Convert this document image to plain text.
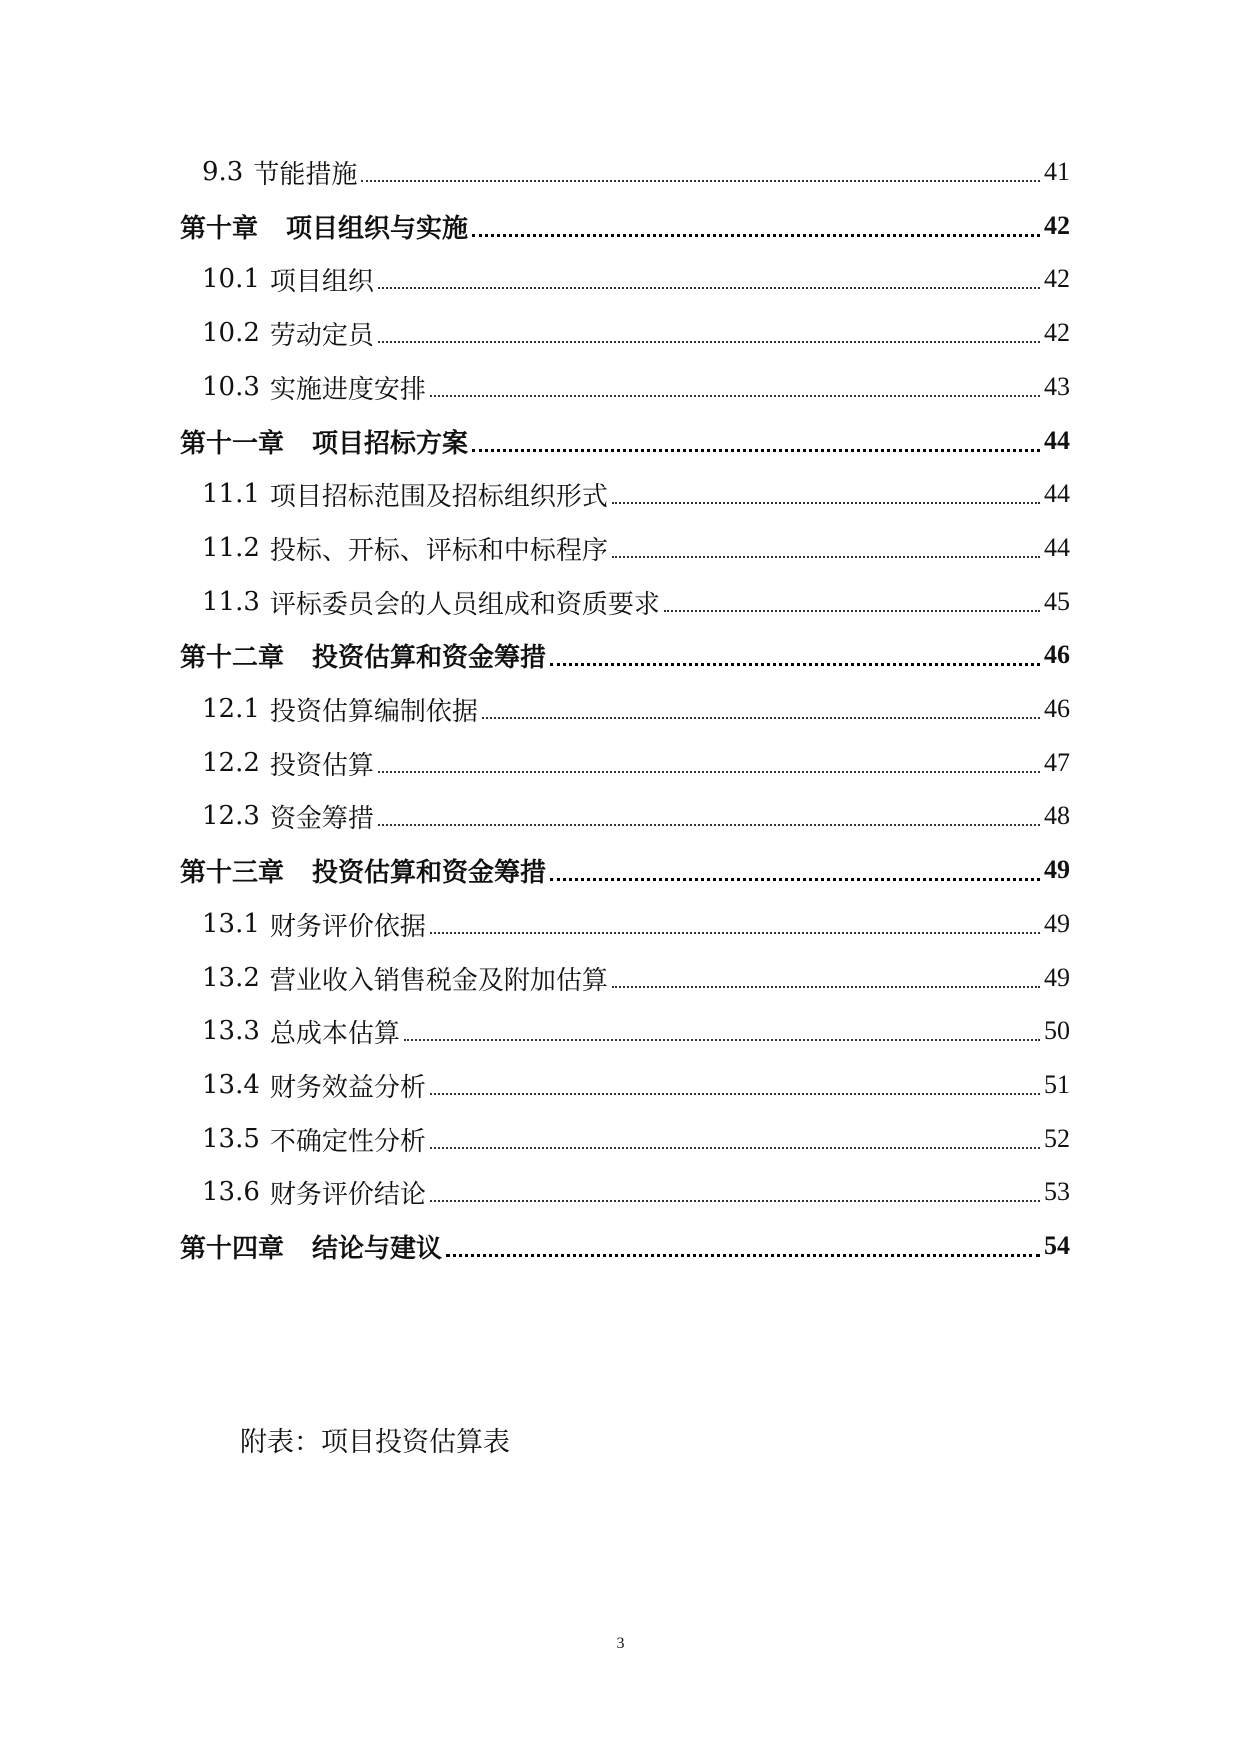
9.3 节能措施	41
第十章 项目组织与实施	42
10.1 项目组织	42
10.2 劳动定员	42
10.3 实施进度安排	43
第十一章 项目招标方案	44
11.1 项目招标范围及招标组织形式	44
11.2 投标、开标、评标和中标程序	44
11.3 评标委员会的人员组成和资质要求	45
第十二章 投资估算和资金筹措	46
12.1 投资估算编制依据	46
12.2 投资估算	47
12.3 资金筹措	48
第十三章 投资估算和资金筹措	49
13.1 财务评价依据	49
13.2 营业收入销售税金及附加估算	49
13.3 总成本估算	50
13.4 财务效益分析	51
13.5 不确定性分析	52
13.6 财务评价结论	53
第十四章 结论与建议	54
附表：项目投资估算表
3
